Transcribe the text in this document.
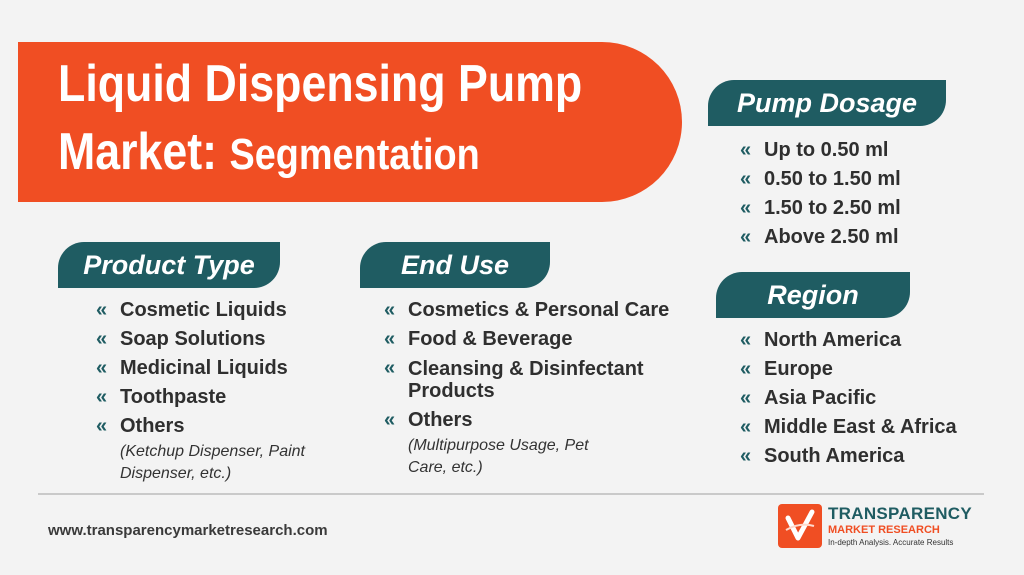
Liquid Dispensing Pump
Market: Segmentation
Product Type
« Cosmetic Liquids
« Soap Solutions
« Medicinal Liquids
« Toothpaste
« Others
(Ketchup Dispenser, Paint Dispenser, etc.)
End Use
« Cosmetics & Personal Care
« Food & Beverage
« Cleansing & Disinfectant Products
« Others
(Multipurpose Usage, Pet Care, etc.)
Pump Dosage
« Up to 0.50 ml
« 0.50 to 1.50 ml
« 1.50 to 2.50 ml
« Above 2.50 ml
Region
« North America
« Europe
« Asia Pacific
« Middle East & Africa
« South America
www.transparencymarketresearch.com
TRANSPARENCY
MARKET RESEARCH
In-depth Analysis. Accurate Results
